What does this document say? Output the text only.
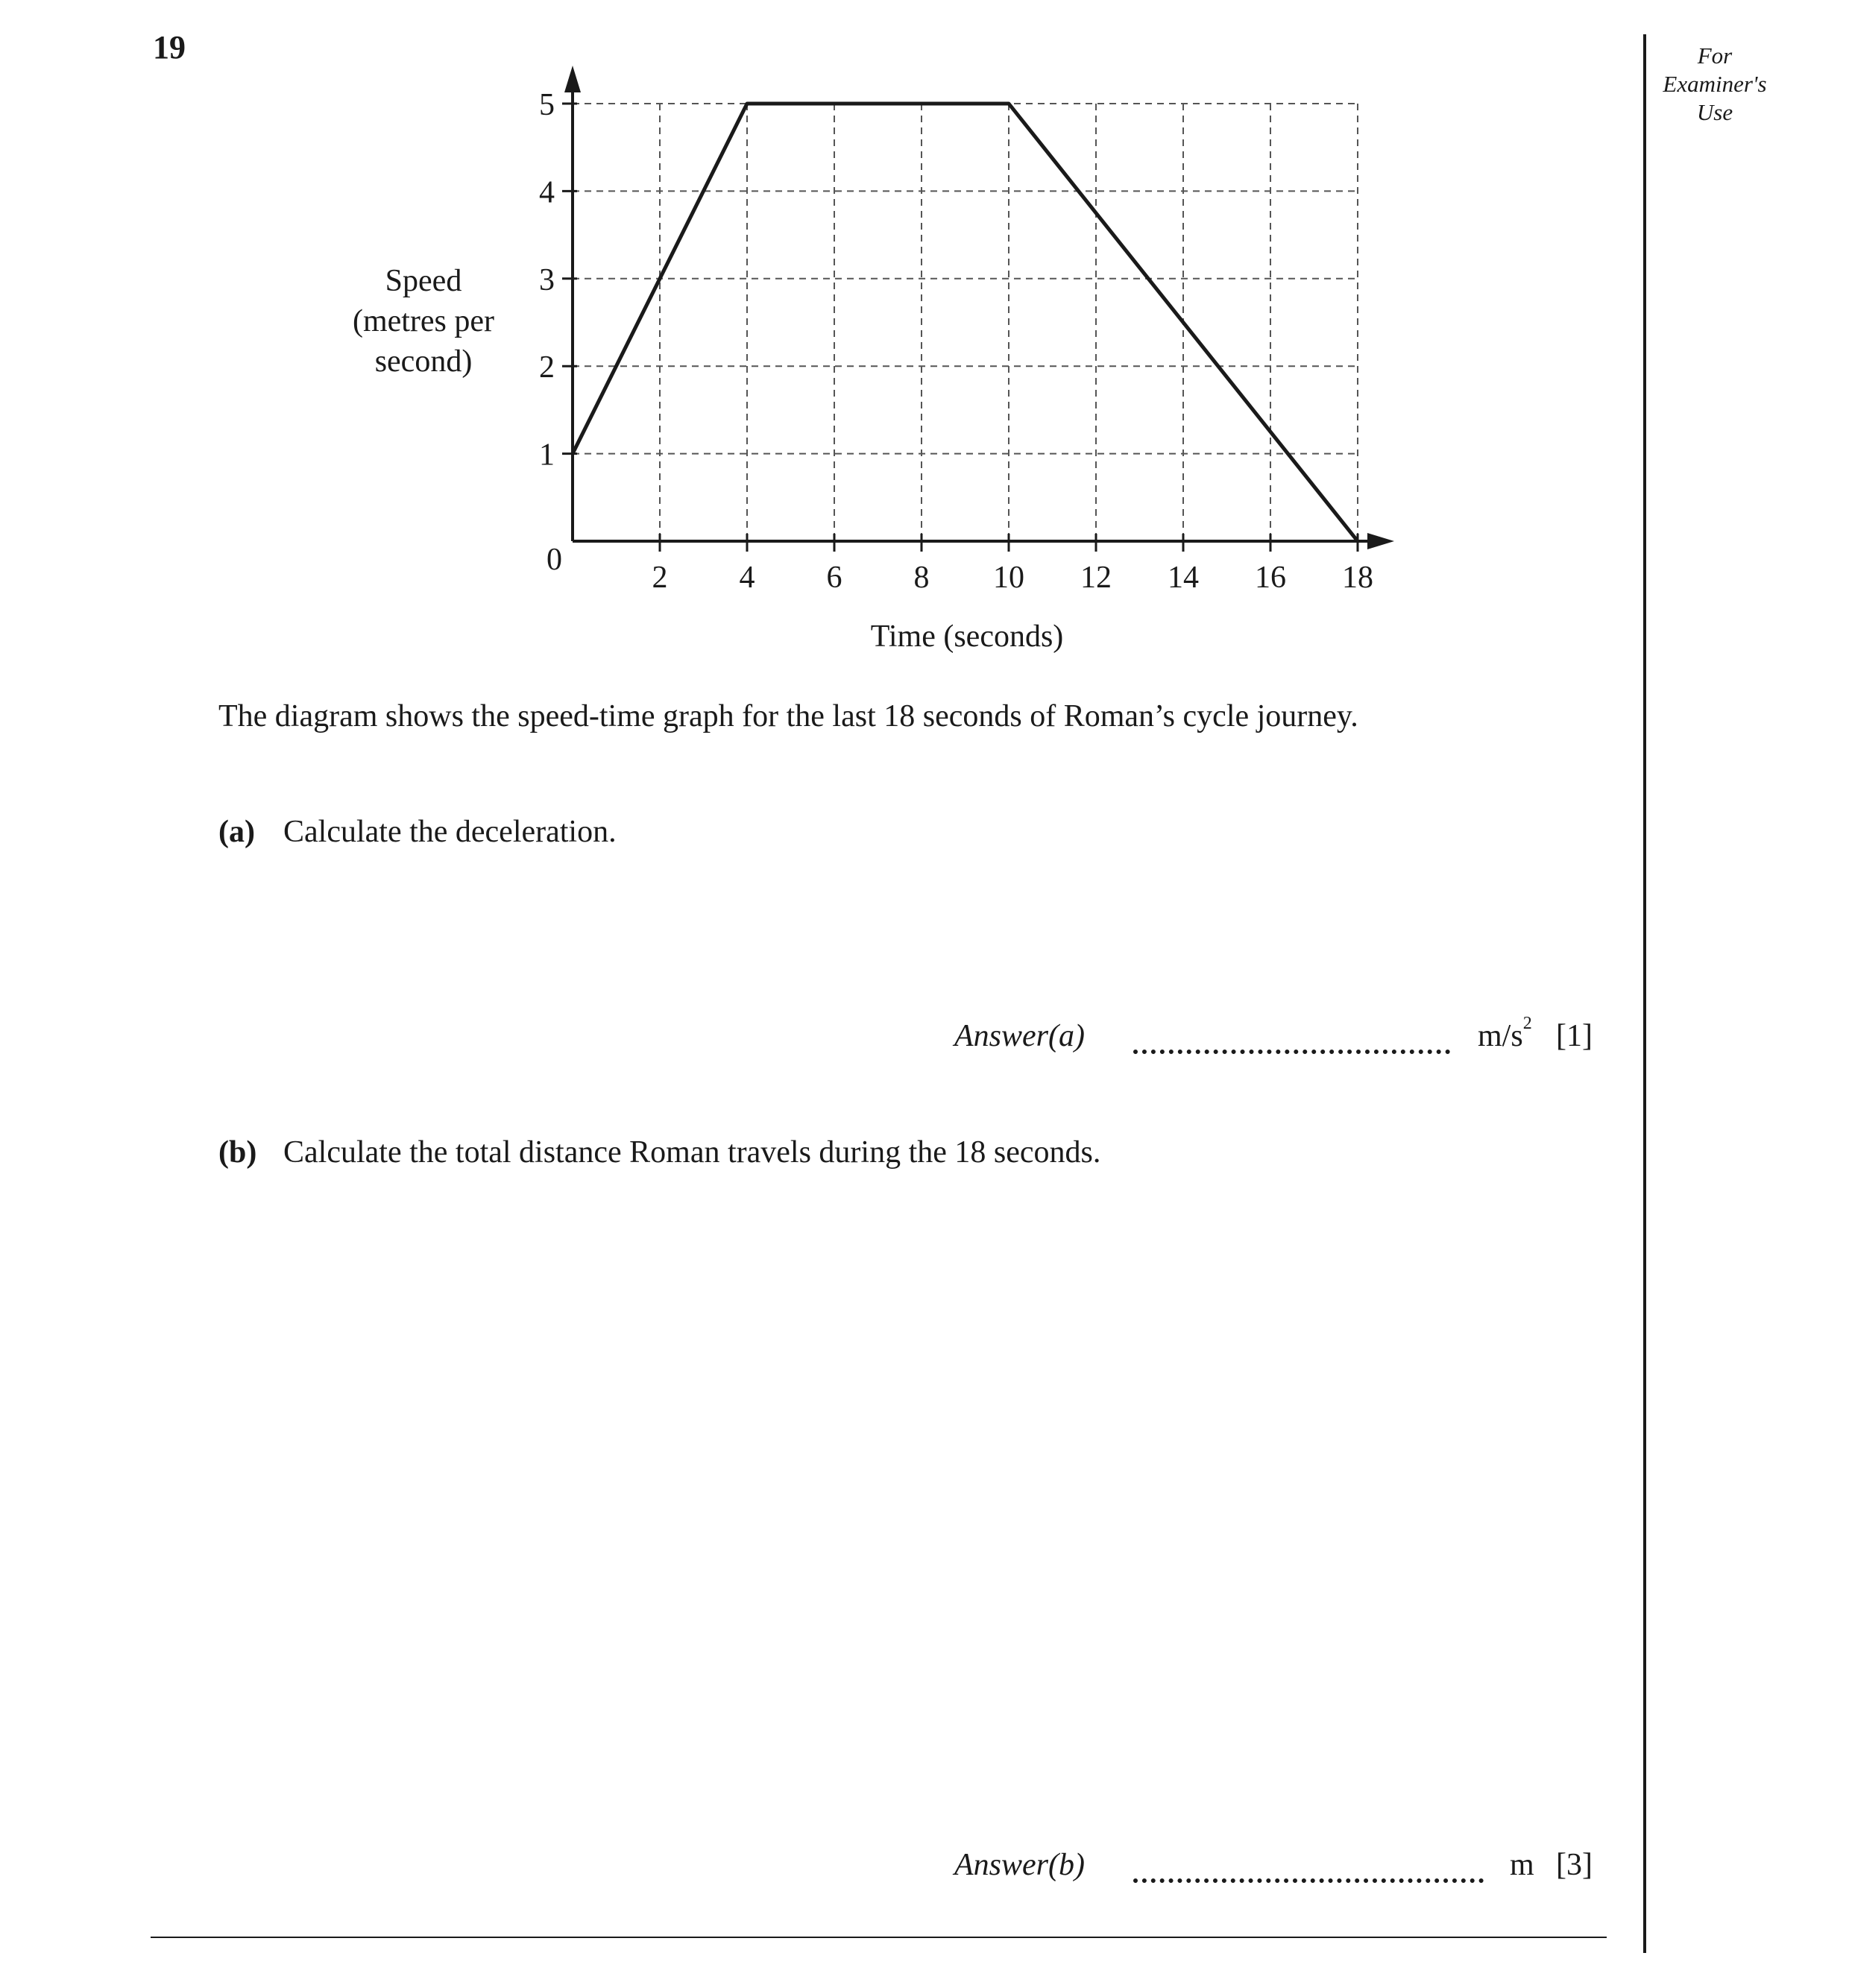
19	For
Examiner's
Use
2 4 6 8 10 12 14 16 18
1
2
3
4
5
0
Time (seconds)
Speed
(metres per
second)
The diagram shows the speed-time graph for the last 18 seconds of Roman’s cycle journey.
(a) Calculate the deceleration.
Answer(a)	$m/s^2$ [1]
(b) Calculate the total distance Roman travels during the 18 seconds.
Answer(b)	m [3]
